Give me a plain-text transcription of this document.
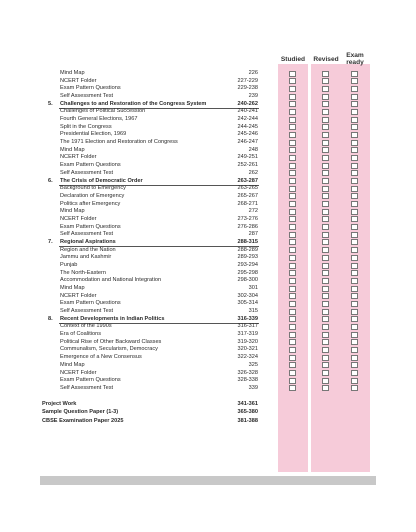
Studied	Revised
Exam ready
Mind Map	226
NCERT Folder	227-229
Exam Pattern Questions	229-238
Self Assessment Test	239
5. Challenges to and Restoration of the Congress System	240-262
Challenges of Political Succession	240-241
Fourth General Elections, 1967	242-244
Split in the Congress	244-245
Presidential Election, 1969	245-246
The 1971 Election and Restoration of Congress	246-247
Mind Map	248
NCERT Folder	249-251
Exam Pattern Questions	252-261
Self Assessment Test	262
6. The Crisis of Democratic Order	263-287
Background to Emergency	263-265
Declaration of Emergency	265-267
Politics after Emergency	268-271
Mind Map	272
NCERT Folder	273-276
Exam Pattern Questions	276-286
Self Assessment Test	287
7. Regional Aspirations	288-315
Region and the Nation	288-289
Jammu and Kashmir	289-293
Punjab	293-294
The North-Eastern	295-298
Accommodation and National Integration	298-300
Mind Map	301
NCERT Folder	302-304
Exam Pattern Questions	305-314
Self Assessment Test	315
8. Recent Developments in Indian Politics	316-339
Context of the 1990s	316-317
Era of Coalitions	317-319
Political Rise of Other Backward Classes	319-320
Communalism, Secularism, Democracy	320-321
Emergence of a New Consensus	322-324
Mind Map	325
NCERT Folder	326-328
Exam Pattern Questions	328-338
Self Assessment Test	339
Project Work	341-361
Sample Question Paper (1-3)	365-380
CBSE Examination Paper 2025	381-388
